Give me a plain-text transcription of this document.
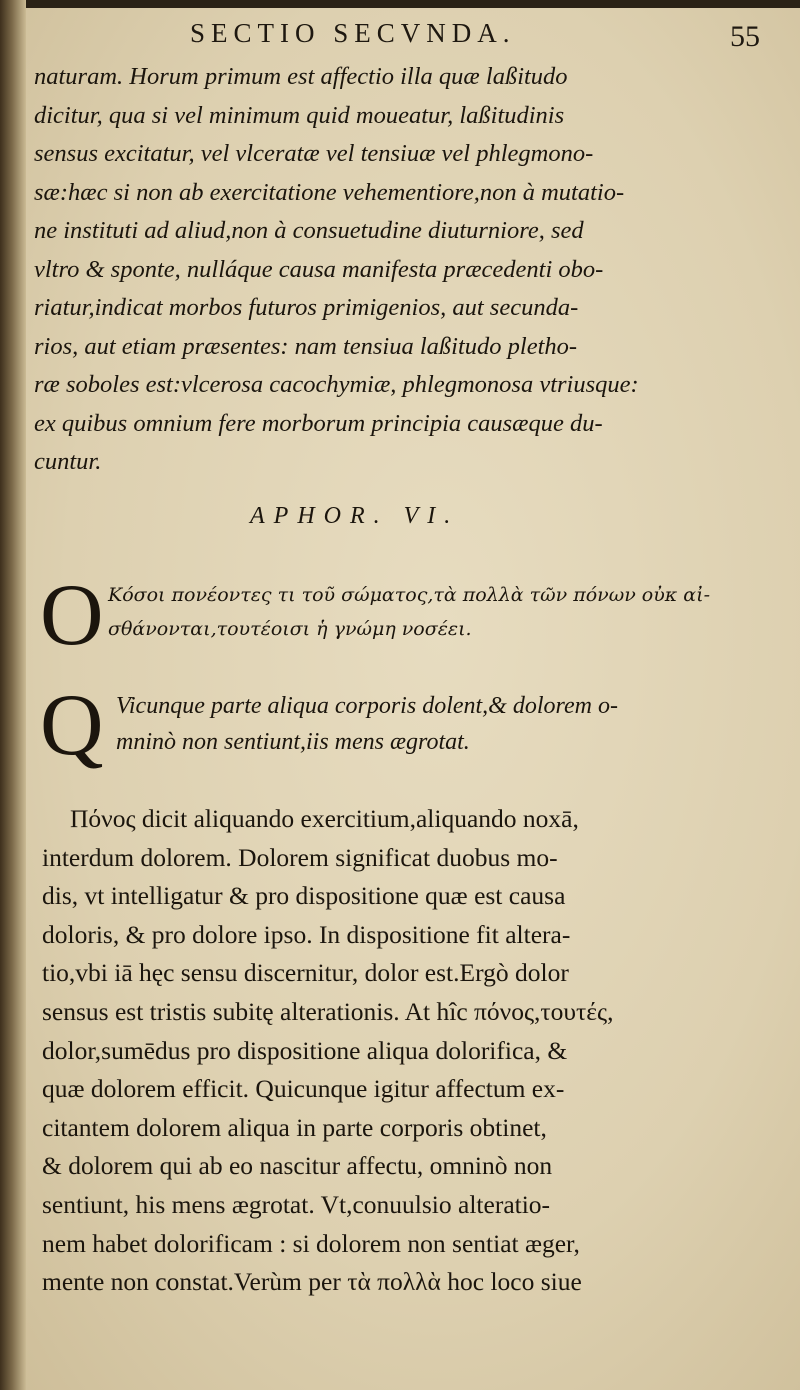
SECTIO SECVNDA.	55
naturam. Horum primum est affectio illa quæ laßitudo
dicitur, qua si vel minimum quid moueatur, laßitudinis
sensus excitatur, vel vlceratæ vel tensiuæ vel phlegmono-
sæ:hæc si non ab exercitatione vehementiore,non à mutatio-
ne instituti ad aliud,non à consuetudine diuturniore, sed
vltro & sponte, nulláque causa manifesta præcedenti obo-
riatur,indicat morbos futuros primigenios, aut secunda-
rios, aut etiam præsentes: nam tensiua laßitudo pletho-
ræ soboles est:vlcerosa cacochymiæ, phlegmonosa vtriusque:
ex quibus omnium fere morborum principia causæque du-
cuntur.
APHOR. VI.
O Κόσοι πονέοντες τι τοῦ σώματος,τὰ πολλὰ τῶν πόνων οὐκ αἰ-
σθάνονται,τουτέοισι ἡ γνώμη νοσέει.
Q Vicunque parte aliqua corporis dolent,& dolorem o-
mninò non sentiunt,iis mens ægrotat.
Πόνος dicit aliquando exercitium,aliquando noxā,
interdum dolorem. Dolorem significat duobus mo-
dis, vt intelligatur & pro dispositione quæ est causa
doloris, & pro dolore ipso. In dispositione fit altera-
tio,vbi iā hęc sensu discernitur, dolor est.Ergò dolor
sensus est tristis subitę alterationis. At hîc πόνος,τουτές,
dolor,sumēdus pro dispositione aliqua dolorifica, &
quæ dolorem efficit. Quicunque igitur affectum ex-
citantem dolorem aliqua in parte corporis obtinet,
& dolorem qui ab eo nascitur affectu, omninò non
sentiunt, his mens ægrotat. Vt,conuulsio alteratio-
nem habet dolorificam : si dolorem non sentiat æger,
mente non constat.Verùm per τὰ πολλὰ hoc loco siue
